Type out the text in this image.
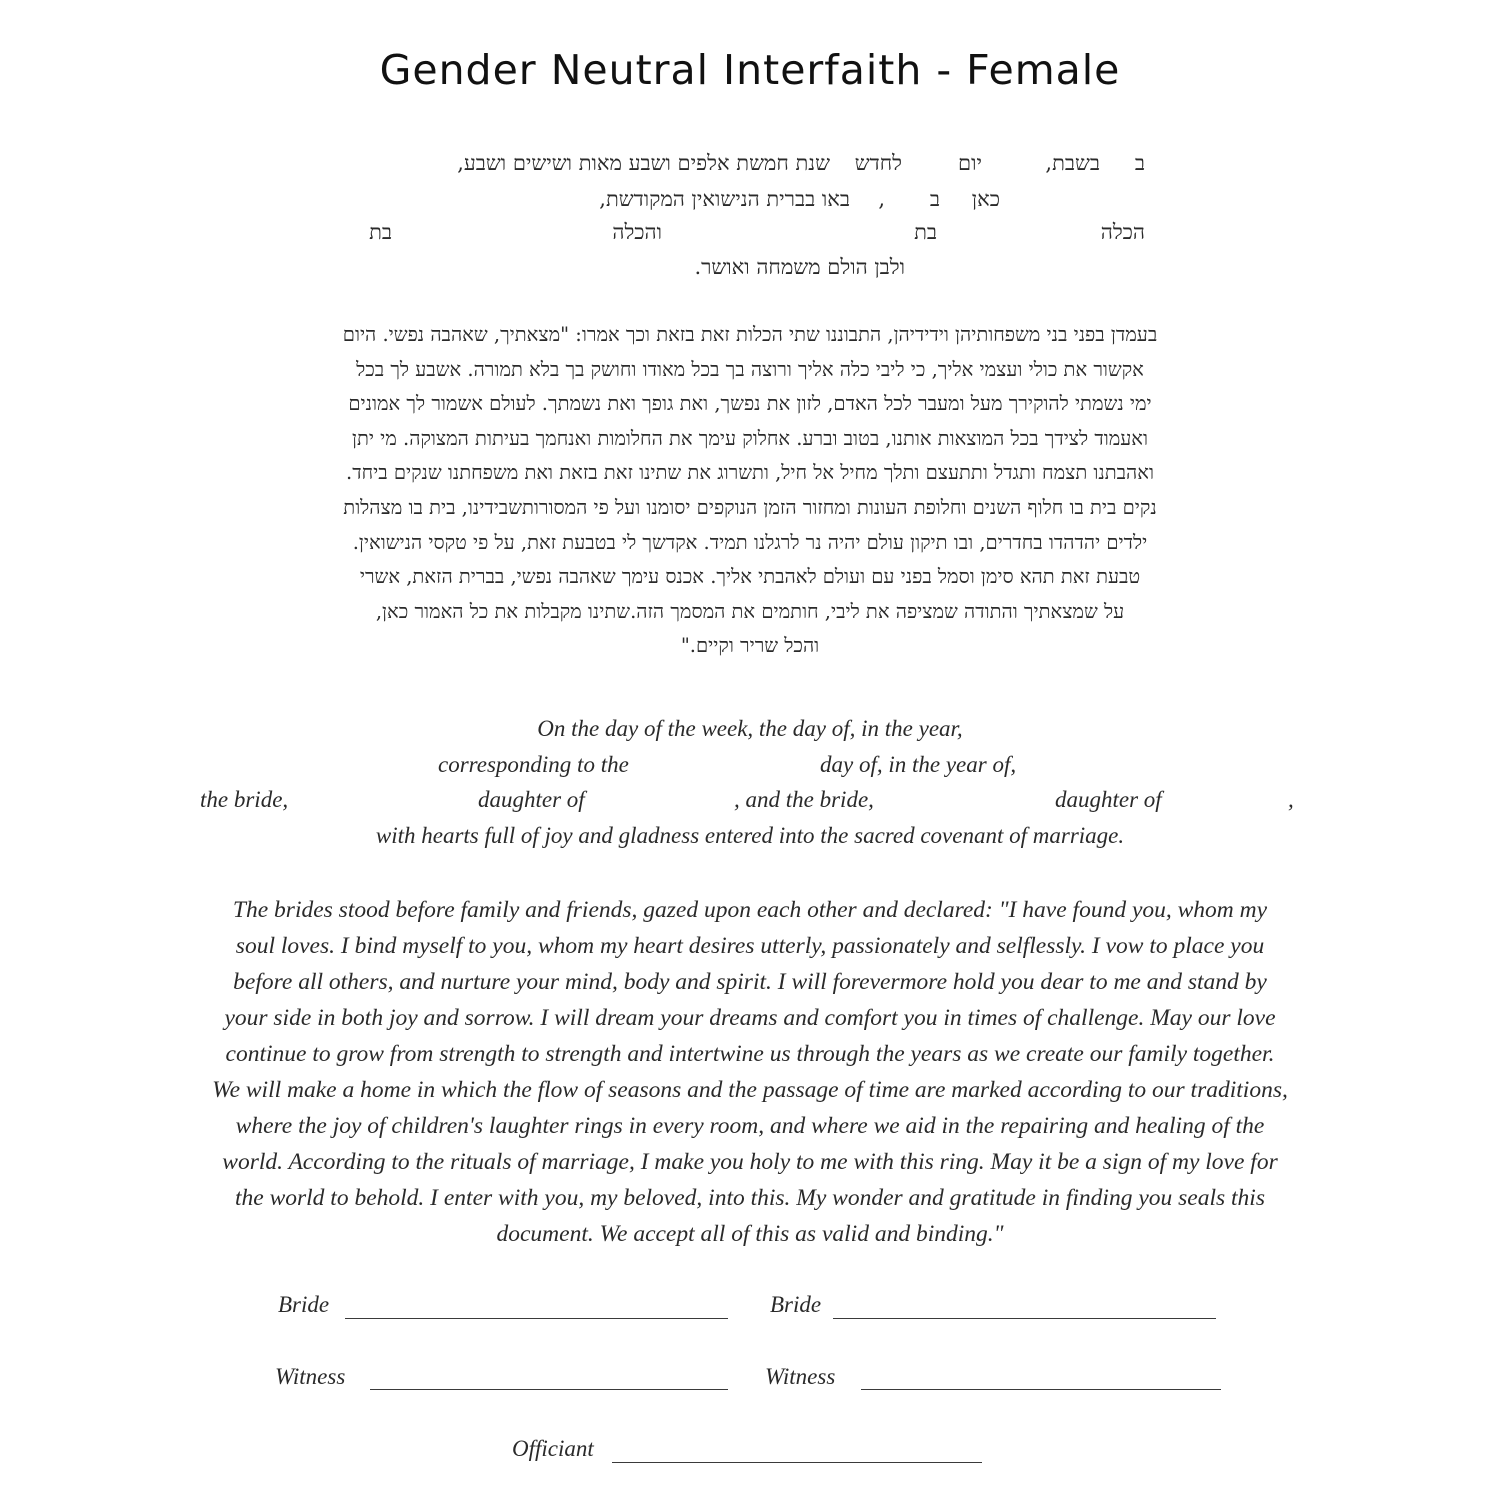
Gender Neutral Interfaith - Female
ב
בשבת,
יום
לחדש
שנת חמשת אלפים ושבע מאות ושישים ושבע,
כאן
ב
,
באו בברית הנישואין המקודשת,
הכלה
בת
והכלה
בת
ולבן הולם משמחה ואושר.
בעמדן בפני בני משפחותיהן וידידיהן, התבוננו שתי הכלות זאת בזאת וכך אמרו: "מצאתיך, שאהבה נפשי. היום
אקשור את כולי ועצמי אליך, כי ליבי כלה אליך ורוצה בך בכל מאודו וחושק בך בלא תמורה. אשבע לך בכל
ימי נשמתי להוקירך מעל ומעבר לכל האדם, לזון את נפשך, ואת גופך ואת נשמתך. לעולם אשמור לך אמונים
ואעמוד לצידך בכל המוצאות אותנו, בטוב וברע. אחלוק עימך את החלומות ואנחמך בעיתות המצוקה. מי יתן
ואהבתנו תצמח ותגדל ותתעצם ותלך מחיל אל חיל, ותשרוג את שתינו זאת בזאת ואת משפחתנו שנקים ביחד.
נקים בית בו חלוף השנים וחלופת העונות ומחזור הזמן הנוקפים יסומנו ועל פי המסורותשבידינו, בית בו מצהלות
ילדים יהדהדו בחדרים, ובו תיקון עולם יהיה נר לרגלנו תמיד. אקדשך לי בטבעת זאת, על פי טקסי הנישואין.
טבעת זאת תהא סימן וסמל בפני עם ועולם לאהבתי אליך. אכנס עימך שאהבה נפשי, בברית הזאת, אשרי
על שמצאתיך והתודה שמציפה את ליבי, חותמים את המסמך הזה.שתינו מקבלות את כל האמור כאן,
והכל שריר וקיים."
On the day of the week, the day of, in the year,
corresponding to the	day of, in the year of,
the bride,	daughter of	, and the bride,	daughter of	,
with hearts full of joy and gladness entered into the sacred covenant of marriage.
The brides stood before family and friends, gazed upon each other and declared: "I have found you, whom my
soul loves. I bind myself to you, whom my heart desires utterly, passionately and selflessly. I vow to place you
before all others, and nurture your mind, body and spirit. I will forevermore hold you dear to me and stand by
your side in both joy and sorrow. I will dream your dreams and comfort you in times of challenge. May our love
continue to grow from strength to strength and intertwine us through the years as we create our family together.
We will make a home in which the flow of seasons and the passage of time are marked according to our traditions,
where the joy of children's laughter rings in every room, and where we aid in the repairing and healing of the
world. According to the rituals of marriage, I make you holy to me with this ring. May it be a sign of my love for
the world to behold. I enter with you, my beloved, into this. My wonder and gratitude in finding you seals this
document. We accept all of this as valid and binding."
Bride	Bride
Witness	Witness
Officiant
